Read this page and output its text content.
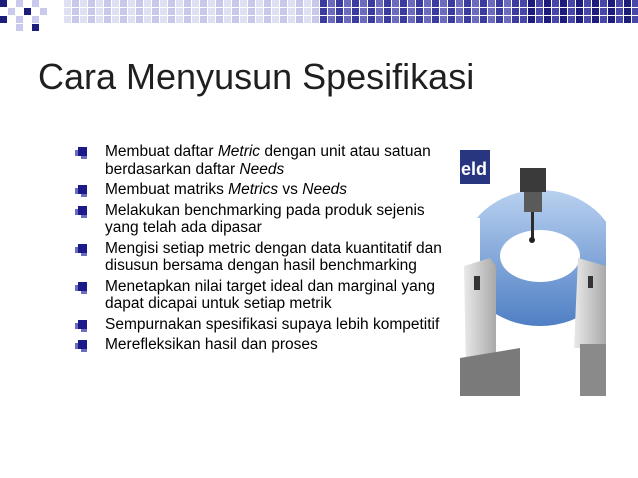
Cara Menyusun Spesifikasi
Membuat daftar Metric dengan unit atau satuan berdasarkan daftar Needs
Membuat matriks Metrics vs Needs
Melakukan benchmarking pada produk sejenis yang telah ada dipasar
Mengisi setiap metric dengan data kuantitatif dan disusun bersama dengan hasil benchmarking
Menetapkan nilai target ideal dan marginal yang dapat dicapai untuk setiap metrik
Sempurnakan spesifikasi supaya lebih kompetitif
Merefleksikan hasil dan proses
eld
